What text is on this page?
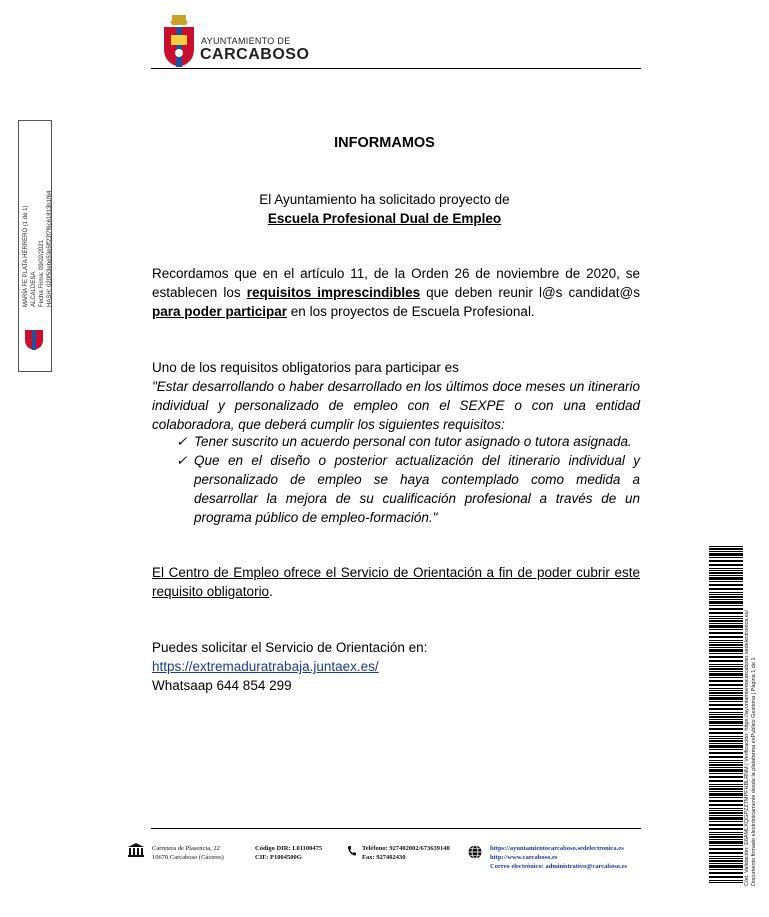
AYUNTAMIENTO DE
CARCABOSO
MARÍA FE PLATA HERRERO (1 de 1) ALCALDESA Fecha Firma: 09/02/2021 HASH: 020f53ebe53e5ff23f7f6c61813b1f64
INFORMAMOS
El Ayuntamiento ha solicitado proyecto de
Escuela Profesional Dual de Empleo
Recordamos que en el artículo 11, de la Orden 26 de noviembre de 2020, se establecen los requisitos imprescindibles que deben reunir l@s candidat@s para poder participar en los proyectos de Escuela Profesional.
Uno de los requisitos obligatorios para participar es
"Estar desarrollando o haber desarrollado en los últimos doce meses un itinerario individual y personalizado de empleo con el SEXPE o con una entidad colaboradora, que deberá cumplir los siguientes requisitos:
✓ Tener suscrito un acuerdo personal con tutor asignado o tutora asignada.
✓ Que en el diseño o posterior actualización del itinerario individual y personalizado de empleo se haya contemplado como medida a desarrollar la mejora de su cualificación profesional a través de un programa público de empleo-formación."
El Centro de Empleo ofrece el Servicio de Orientación a fin de poder cubrir este requisito obligatorio.
Puedes solicitar el Servicio de Orientación en:
https://extremaduratrabaja.juntaex.es/
Whatsaap 644 854 299	Cód. Validación: E6AMLXQGPZZ7MPFHBLRNM | Verificación: https://ayuntamientocarcaboso.sedelectronica.es/ Documento firmado electrónicamente desde la plataforma esPublico Gestiona | Página 1 de 1
Carretera de Plasencia, 22
10670 Carcaboso (Cáceres)
Código DIR: L01100475
CIF: P1004500G
Teléfono: 927402002/673639140
Fax: 927402430
https://ayuntamientocarcaboso.sedelectronica.es
http://www.carcaboso.es
Correo electrónico: administrativo@carcaboso.es
